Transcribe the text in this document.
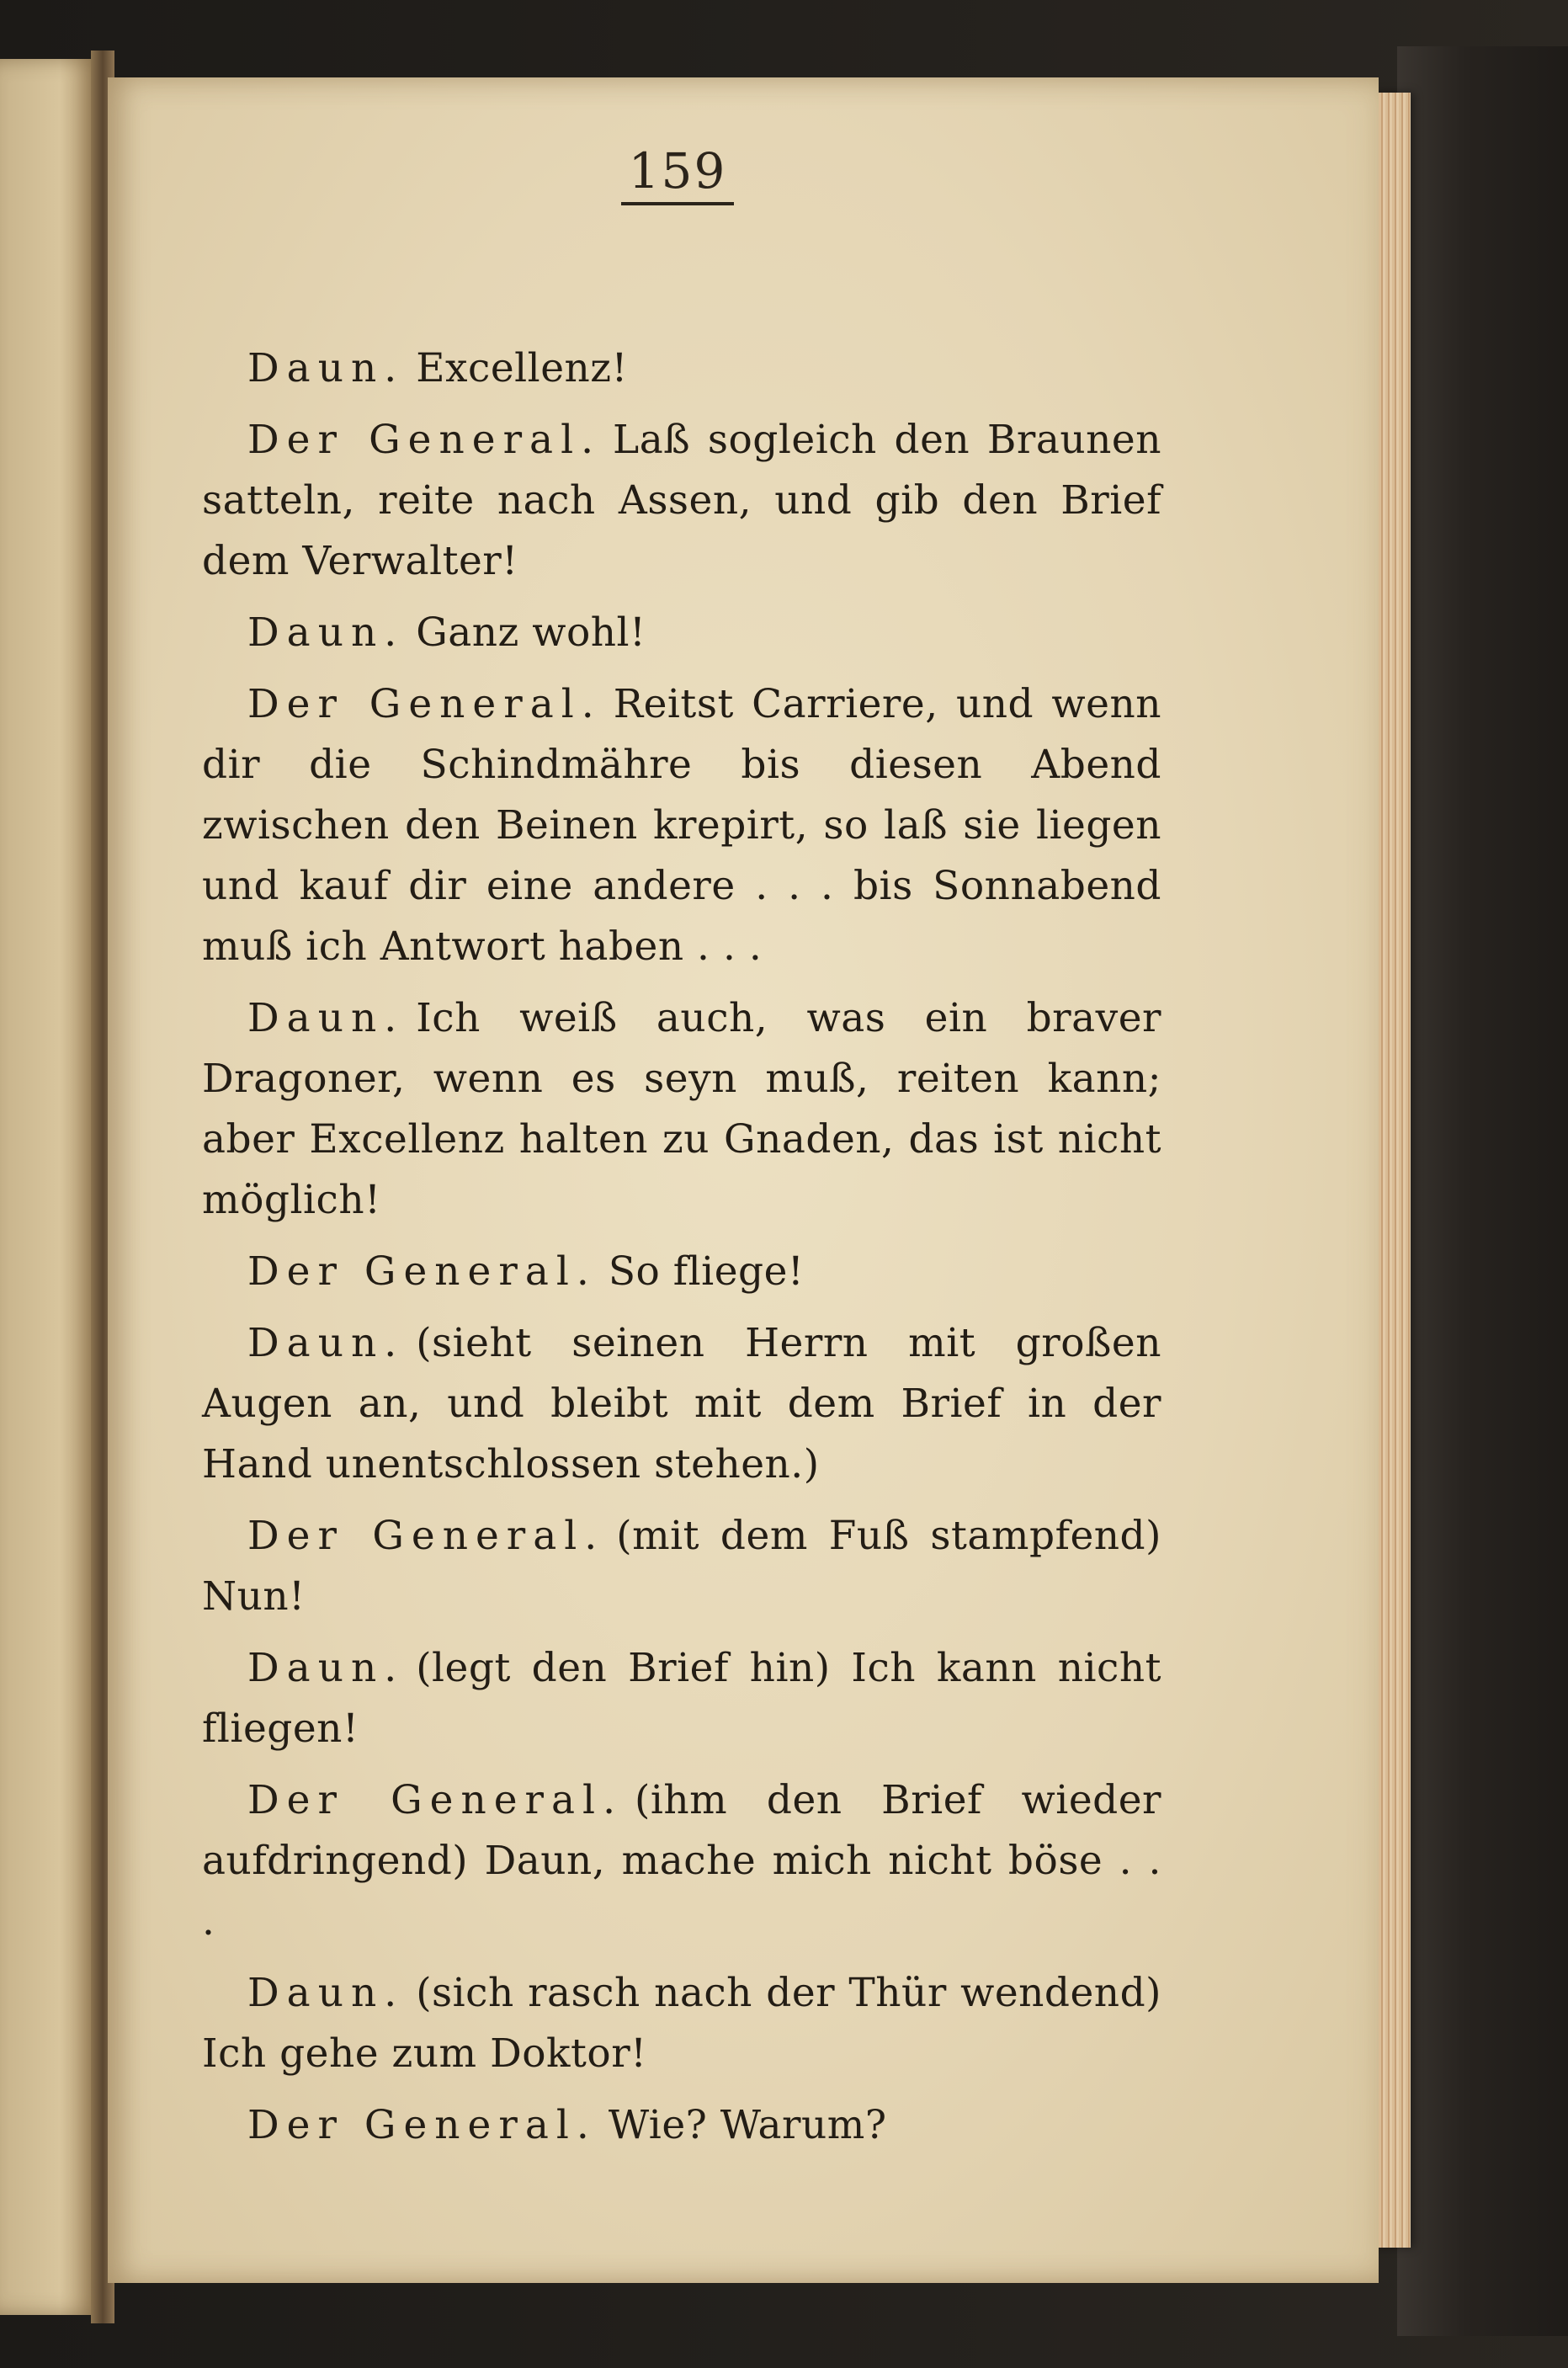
159

Daun. Excellenz!

Der General. Laß sogleich den Braunen satteln, reite nach Assen, und gib den Brief dem Verwalter!

Daun. Ganz wohl!

Der General. Reitst Carriere, und wenn dir die Schindmähre bis diesen Abend zwischen den Beinen krepirt, so laß sie liegen und kauf dir eine andere . . . bis Sonnabend muß ich Antwort haben . . .

Daun. Ich weiß auch, was ein braver Dragoner, wenn es seyn muß, reiten kann; aber Excellenz halten zu Gnaden, das ist nicht möglich!

Der General. So fliege!

Daun. (sieht seinen Herrn mit großen Augen an, und bleibt mit dem Brief in der Hand unentschlossen stehen.)

Der General. (mit dem Fuß stampfend) Nun!

Daun. (legt den Brief hin) Ich kann nicht fliegen!

Der General. (ihm den Brief wieder aufdringend) Daun, mache mich nicht böse . . .

Daun. (sich rasch nach der Thür wendend) Ich gehe zum Doktor!

Der General. Wie? Warum?
